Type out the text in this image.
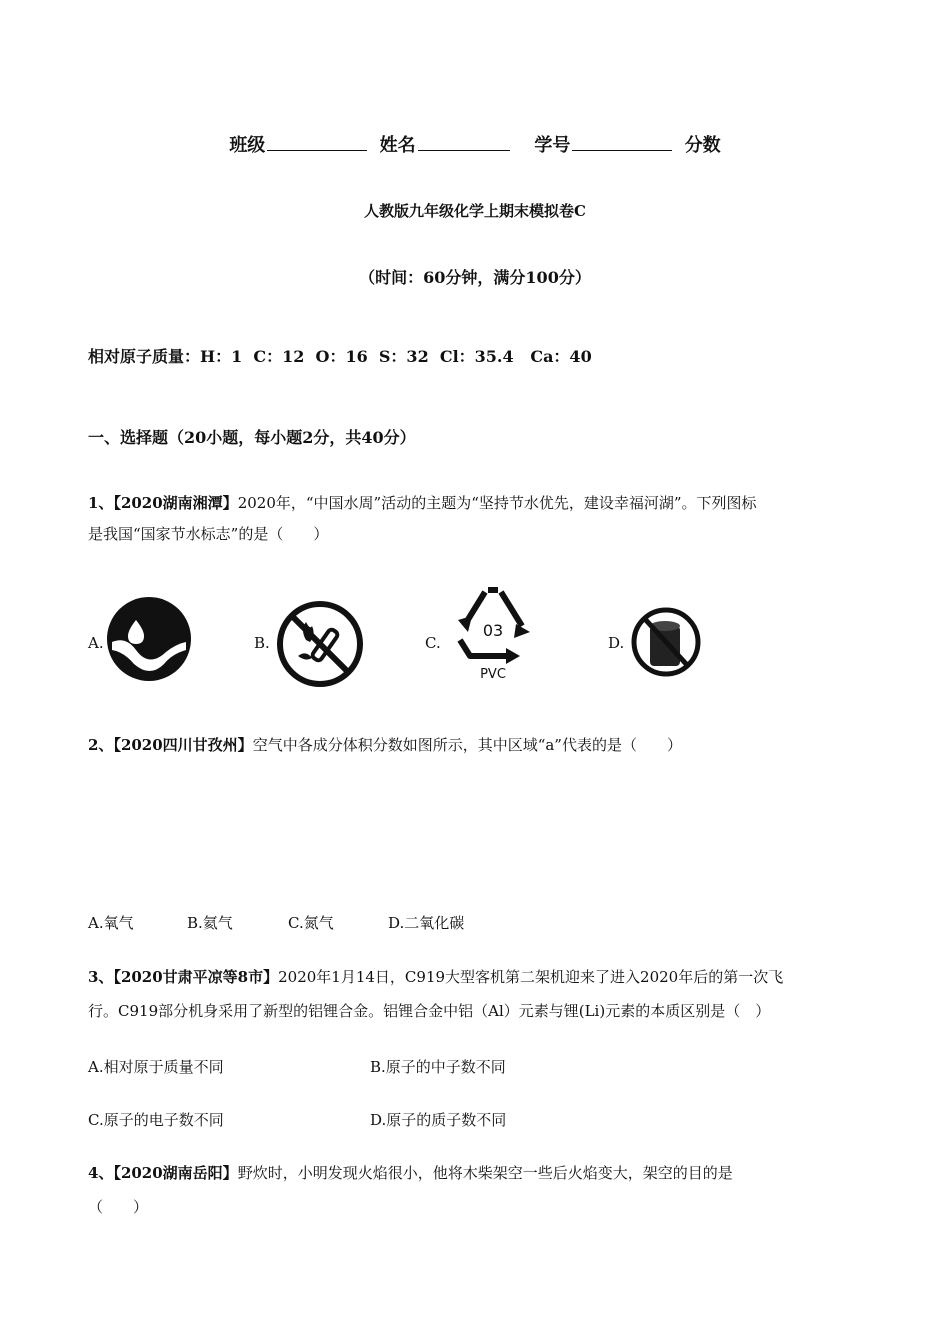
班级	姓名	学号	分数
人教版九年级化学上期末模拟卷C
（时间：60分钟，满分100分）
相对原子质量：H：1  C：12  O：16  S：32  Cl：35.4   Ca：40
一、选择题（20小题，每小题2分，共40分）
1、【2020湖南湘潭】2020年，“中国水周”活动的主题为“坚持节水优先，建设幸福河湖”。下列图标
是我国“国家节水标志”的是（　　）
A.	B.	C.
03
PVC
D.
2、【2020四川甘孜州】空气中各成分体积分数如图所示，其中区域“a”代表的是（　　）
A.氧气	B.氦气	C.氮气	D.二氧化碳
3、【2020甘肃平凉等8市】2020年1月14日，C919大型客机第二架机迎来了进入2020年后的第一次飞
行。C919部分机身采用了新型的铝锂合金。铝锂合金中铝（Al）元素与锂(Li)元素的本质区别是（　）
A.相对原于质量不同	B.原子的中子数不同
C.原子的电子数不同	D.原子的质子数不同
4、【2020湖南岳阳】野炊时，小明发现火焰很小，他将木柴架空一些后火焰变大，架空的目的是
（　　）
